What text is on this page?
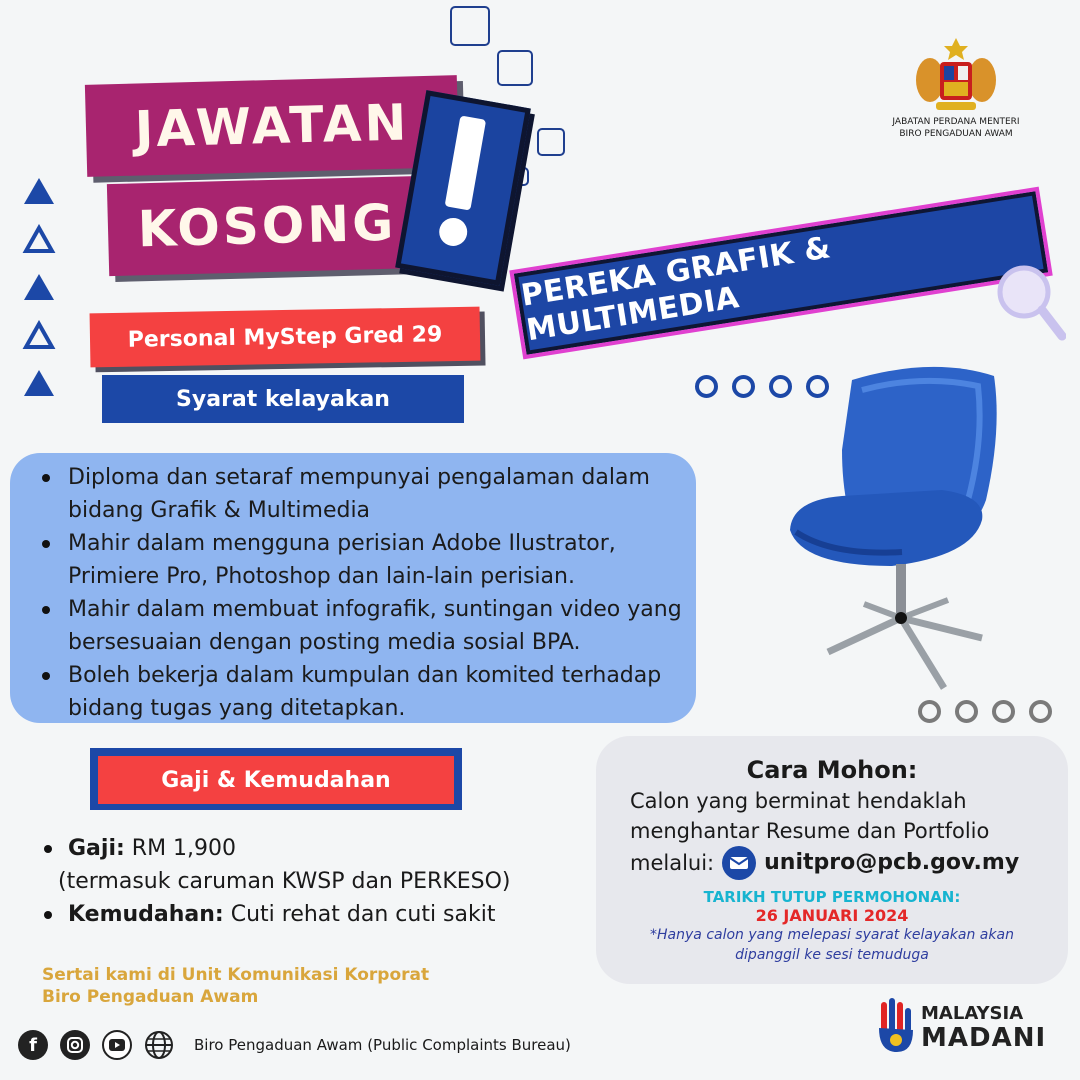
JAWATAN
KOSONG
PEREKA GRAFIK & MULTIMEDIA
JABATAN PERDANA MENTERI
BIRO PENGADUAN AWAM
Personal MyStep Gred 29
Syarat kelayakan
Diploma dan setaraf mempunyai pengalaman dalam bidang Grafik & Multimedia
Mahir dalam mengguna perisian Adobe Ilustrator, Primiere Pro, Photoshop dan lain-lain perisian.
Mahir dalam membuat infografik, suntingan video yang bersesuaian dengan posting media sosial BPA.
Boleh bekerja dalam kumpulan dan komited terhadap bidang tugas yang ditetapkan.
Gaji & Kemudahan
Gaji: RM 1,900
(termasuk caruman KWSP dan PERKESO)
Kemudahan: Cuti rehat dan cuti sakit
Cara Mohon:
Calon yang berminat hendaklah
menghantar Resume dan Portfolio
melalui: unitpro@pcb.gov.my
TARIKH TUTUP PERMOHONAN:
26 JANUARI 2024
*Hanya calon yang melepasi syarat kelayakan akan dipanggil ke sesi temuduga
Sertai kami di Unit Komunikasi Korporat
Biro Pengaduan Awam
f	Biro Pengaduan Awam (Public Complaints Bureau)
MALAYSIA
MADANI
